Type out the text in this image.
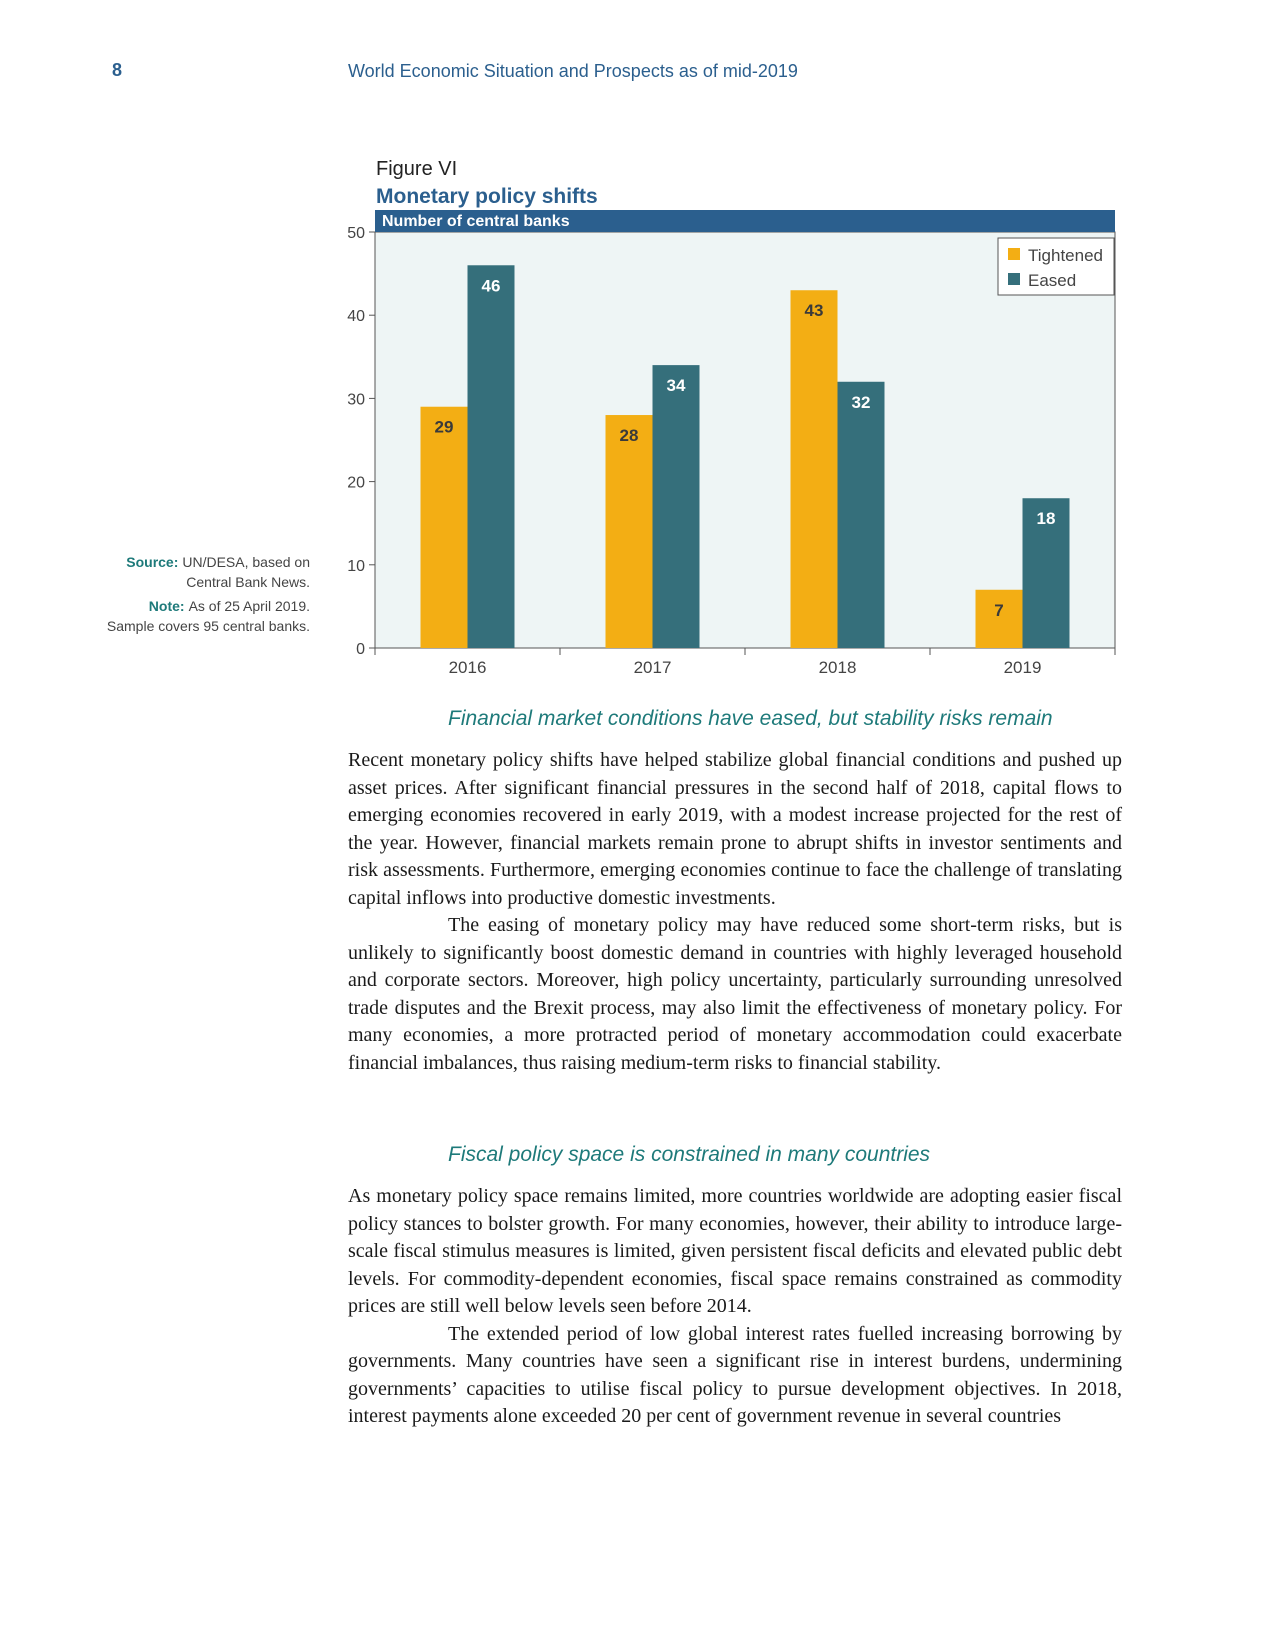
8	World Economic Situation and Prospects as of mid-2019
Figure VI
Monetary policy shifts
Number of central banks
0
10
20
30
40
50
2016
29
46
2017
28
34
2018
43
32
2019
7
18
Tightened
Eased
Source: UN/DESA, based on Central Bank News.
Note: As of 25 April 2019. Sample covers 95 central banks.
Financial market conditions have eased, but stability risks remain

Recent monetary policy shifts have helped stabilize global financial conditions and pushed up asset prices. After significant financial pressures in the second half of 2018, capital flows to emerging economies recovered in early 2019, with a modest increase projected for the rest of the year. However, financial markets remain prone to abrupt shifts in investor sentiments and risk assessments. Furthermore, emerging economies continue to face the challenge of translating capital inflows into productive domestic investments.

The easing of monetary policy may have reduced some short-term risks, but is unlikely to significantly boost domestic demand in countries with highly leveraged household and corporate sectors. Moreover, high policy uncertainty, particularly surrounding unresolved trade disputes and the Brexit process, may also limit the effectiveness of monetary policy. For many economies, a more protracted period of monetary accommodation could exacerbate financial imbalances, thus raising medium-term risks to financial stability.

Fiscal policy space is constrained in many countries

As monetary policy space remains limited, more countries worldwide are adopting easier fiscal policy stances to bolster growth. For many economies, however, their ability to introduce large-scale fiscal stimulus measures is limited, given persistent fiscal deficits and elevated public debt levels. For commodity-dependent economies, fiscal space remains constrained as commodity prices are still well below levels seen before 2014.

The extended period of low global interest rates fuelled increasing borrowing by governments. Many countries have seen a significant rise in interest burdens, undermining governments’ capacities to utilise fiscal policy to pursue development objectives. In 2018, interest payments alone exceeded 20 per cent of government revenue in several countries
